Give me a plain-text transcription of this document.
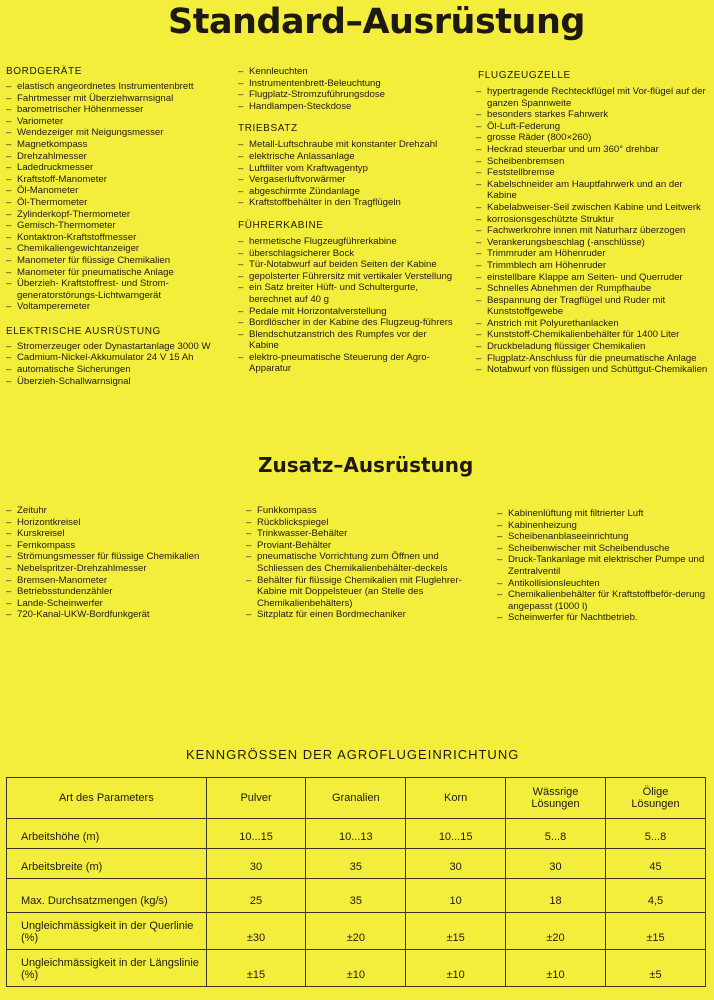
Standard–Ausrüstung
BORDGERÄTE
– elastisch angeordnetes Instrumentenbrett
– Fahrtmesser mit Überziehwarnsignal
– barometrischer Höhenmesser
– Variometer
– Wendezeiger mit Neigungsmesser
– Magnetkompass
– Drehzahlmesser
– Ladedruckmesser
– Kraftstoff-Manometer
– Öl-Manometer
– Öl-Thermometer
– Zylinderkopf-Thermometer
– Gemisch-Thermometer
– Kontaktron-Kraftstoffmesser
– Chemikaliengewichtanzeiger
– Manometer für flüssige Chemikalien
– Manometer für pneumatische Anlage
– Überzieh- Kraftstoffrest- und Strom-generatorstörungs-Lichtwarngerät
– Voltamperemeter
ELEKTRISCHE AUSRÜSTUNG
– Stromerzeuger oder Dynastartanlage 3000 W
– Cadmium-Nickel-Akkumulator 24 V 15 Ah
– automatische Sicherungen
– Überzieh-Schallwarnsignal
– Kennleuchten
– Instrumentenbrett-Beleuchtung
– Flugplatz-Stromzuführungsdose
– Handlampen-Steckdose
TRIEBSATZ
– Metall-Luftschraube mit konstanter Drehzahl
– elektrische Anlassanlage
– Luftfilter vom Kraftwagentyp
– Vergaserluftvorwärmer
– abgeschirmte Zündanlage
– Kraftstoffbehälter in den Tragflügeln
FÜHRERKABINE
– hermetische Flugzeugführerkabine
– überschlagsicherer Bock
– Tür-Notabwurf auf beiden Seiten der Kabine
– gepolsterter Führersitz mit vertikaler Verstellung
– ein Satz breiter Hüft- und Schultergurte, berechnet auf 40 g
– Pedale mit Horizontalverstellung
– Bordlöscher in der Kabine des Flugzeug-führers
– Blendschutzanstrich des Rumpfes vor der Kabine
– elektro-pneumatische Steuerung der Agro-Apparatur
FLUGZEUGZELLE
– hypertragende Rechteckflügel mit Vor-flügel auf der ganzen Spannweite
– besonders starkes Fahrwerk
– Öl-Luft-Federung
– grosse Räder (800×260)
– Heckrad steuerbar und um 360° drehbar
– Scheibenbremsen
– Feststellbremse
– Kabelschneider am Hauptfahrwerk und an der Kabine
– Kabelabweiser-Seil zwischen Kabine und Leitwerk
– korrosionsgeschützte Struktur
– Fachwerkrohre innen mit Naturharz überzogen
– Verankerungsbeschlag (-anschlüsse)
– Trimmruder am Höhenruder
– Trimmblech am Höhenruder
– einstellbare Klappe am Seiten- und Querruder
– Schnelles Abnehmen der Rumpfhaube
– Bespannung der Tragflügel und Ruder mit Kunststoffgewebe
– Anstrich mit Polyurethanlacken
– Kunststoff-Chemikalienbehälter für 1400 Liter
– Druckbeladung flüssiger Chemikalien
– Flugplatz-Anschluss für die pneumatische Anlage
– Notabwurf von flüssigen und Schüttgut-Chemikalien
Zusatz–Ausrüstung
– Zeituhr
– Horizontkreisel
– Kurskreisel
– Fernkompass
– Strömungsmesser für flüssige Chemikalien
– Nebelspritzer-Drehzahlmesser
– Bremsen-Manometer
– Betriebsstundenzähler
– Lande-Scheinwerfer
– 720-Kanal-UKW-Bordfunkgerät
– Funkkompass
– Rückblickspiegel
– Trinkwasser-Behälter
– Proviant-Behälter
– pneumatische Vorrichtung zum Öffnen und Schliessen des Chemikalienbehälter-deckels
– Behälter für flüssige Chemikalien mit Fluglehrer-Kabine mit Doppelsteuer (an Stelle des Chemikalienbehälters)
– Sitzplatz für einen Bordmechaniker
– Kabinenlüftung mit filtrierter Luft
– Kabinenheizung
– Scheibenanblaseeinrichtung
– Scheibenwischer mit Scheibendusche
– Druck-Tankanlage mit elektrischer Pumpe und Zentralventil
– Antikollisionsleuchten
– Chemikalienbehälter für Kraftstoffbeför-derung angepasst (1000 l)
– Scheinwerfer für Nachtbetrieb.
KENNGRÖSSEN DER AGROFLUGEINRICHTUNG
Art des Parameters	Pulver	Granalien	Korn	Wässrige Lösungen	Ölige Lösungen
Arbeitshöhe (m)	10...15	10...13	10...15	5...8	5...8
Arbeitsbreite (m)	30	35	30	30	45
Max. Durchsatzmengen (kg/s)	25	35	10	18	4,5
Ungleichmässigkeit in der Querlinie (%)	±30	±20	±15	±20	±15
Ungleichmässigkeit in der Längslinie (%)	±15	±10	±10	±10	±5
